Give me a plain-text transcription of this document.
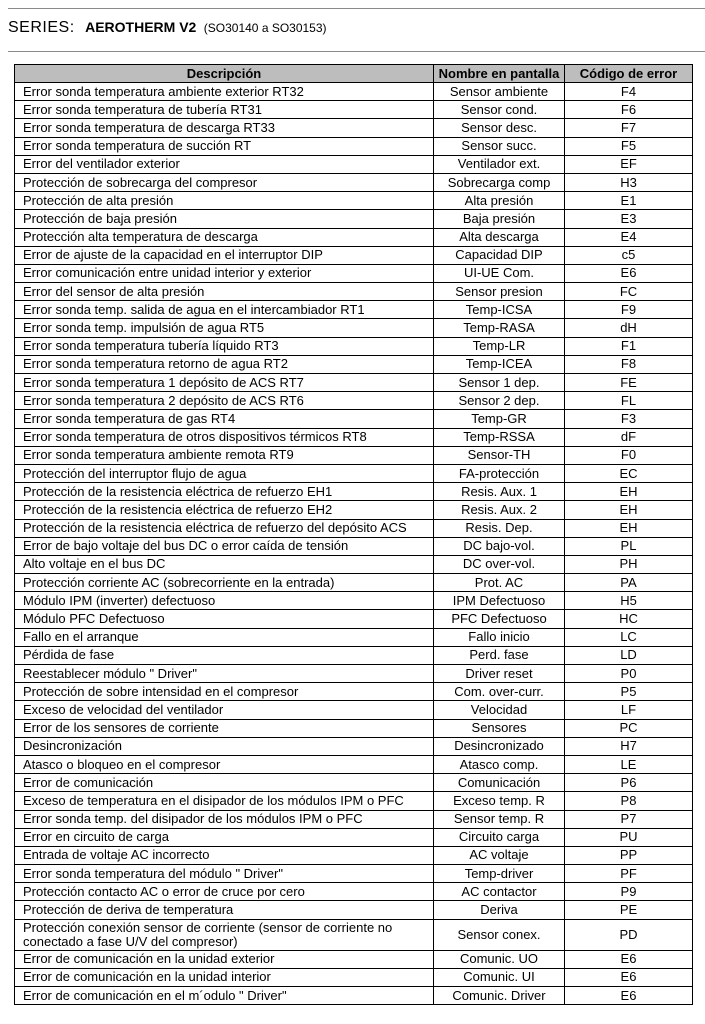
SERIES: AEROTHERM V2 (SO30140 a SO30153)
Descripción	Nombre en pantalla	Código de error
Error sonda temperatura ambiente exterior RT32	Sensor ambiente	F4
Error sonda temperatura de tubería RT31	Sensor cond.	F6
Error sonda temperatura de descarga RT33	Sensor desc.	F7
Error sonda temperatura de succión RT	Sensor succ.	F5
Error del ventilador exterior	Ventilador ext.	EF
Protección de sobrecarga del compresor	Sobrecarga comp	H3
Protección de alta presión	Alta presión	E1
Protección de baja presión	Baja presión	E3
Protección alta temperatura de descarga	Alta descarga	E4
Error de ajuste de la capacidad en el interruptor DIP	Capacidad DIP	c5
Error comunicación entre unidad interior y exterior	UI-UE Com.	E6
Error del sensor de alta presión	Sensor presion	FC
Error sonda temp. salida de agua en el intercambiador RT1	Temp-ICSA	F9
Error sonda temp. impulsión de agua RT5	Temp-RASA	dH
Error sonda temperatura tubería líquido RT3	Temp-LR	F1
Error sonda temperatura retorno de agua RT2	Temp-ICEA	F8
Error sonda temperatura 1 depósito de ACS RT7	Sensor 1 dep.	FE
Error sonda temperatura 2 depósito de ACS RT6	Sensor 2 dep.	FL
Error sonda temperatura de gas RT4	Temp-GR	F3
Error sonda temperatura de otros dispositivos térmicos RT8	Temp-RSSA	dF
Error sonda temperatura ambiente remota RT9	Sensor-TH	F0
Protección del interruptor flujo de agua	FA-protección	EC
Protección de la resistencia eléctrica de refuerzo EH1	Resis. Aux. 1	EH
Protección de la resistencia eléctrica de refuerzo EH2	Resis. Aux. 2	EH
Protección de la resistencia eléctrica de refuerzo del depósito ACS	Resis. Dep.	EH
Error de bajo voltaje del bus DC o error caída de tensión	DC bajo-vol.	PL
Alto voltaje en el bus DC	DC over-vol.	PH
Protección corriente AC (sobrecorriente en la entrada)	Prot. AC	PA
Módulo IPM (inverter) defectuoso	IPM Defectuoso	H5
Módulo PFC Defectuoso	PFC Defectuoso	HC
Fallo en el arranque	Fallo inicio	LC
Pérdida de fase	Perd. fase	LD
Reestablecer módulo " Driver"	Driver reset	P0
Protección de sobre intensidad en el compresor	Com. over-curr.	P5
Exceso de velocidad del ventilador	Velocidad	LF
Error de los sensores de corriente	Sensores	PC
Desincronización	Desincronizado	H7
Atasco o bloqueo en el compresor	Atasco comp.	LE
Error de comunicación	Comunicación	P6
Exceso de temperatura en el disipador de los módulos IPM o PFC	Exceso temp. R	P8
Error sonda temp. del disipador de los módulos IPM o PFC	Sensor temp. R	P7
Error en circuito de carga	Circuito carga	PU
Entrada de voltaje AC incorrecto	AC voltaje	PP
Error sonda temperatura del módulo " Driver"	Temp-driver	PF
Protección contacto AC o error de cruce por cero	AC contactor	P9
Protección de deriva de temperatura	Deriva	PE
Protección conexión sensor de corriente (sensor de corriente no conectado a fase U/V del compresor)	Sensor conex.	PD
Error de comunicación en la unidad exterior	Comunic. UO	E6
Error de comunicación en la unidad interior	Comunic. UI	E6
Error de comunicación en el m´odulo " Driver"	Comunic. Driver	E6
